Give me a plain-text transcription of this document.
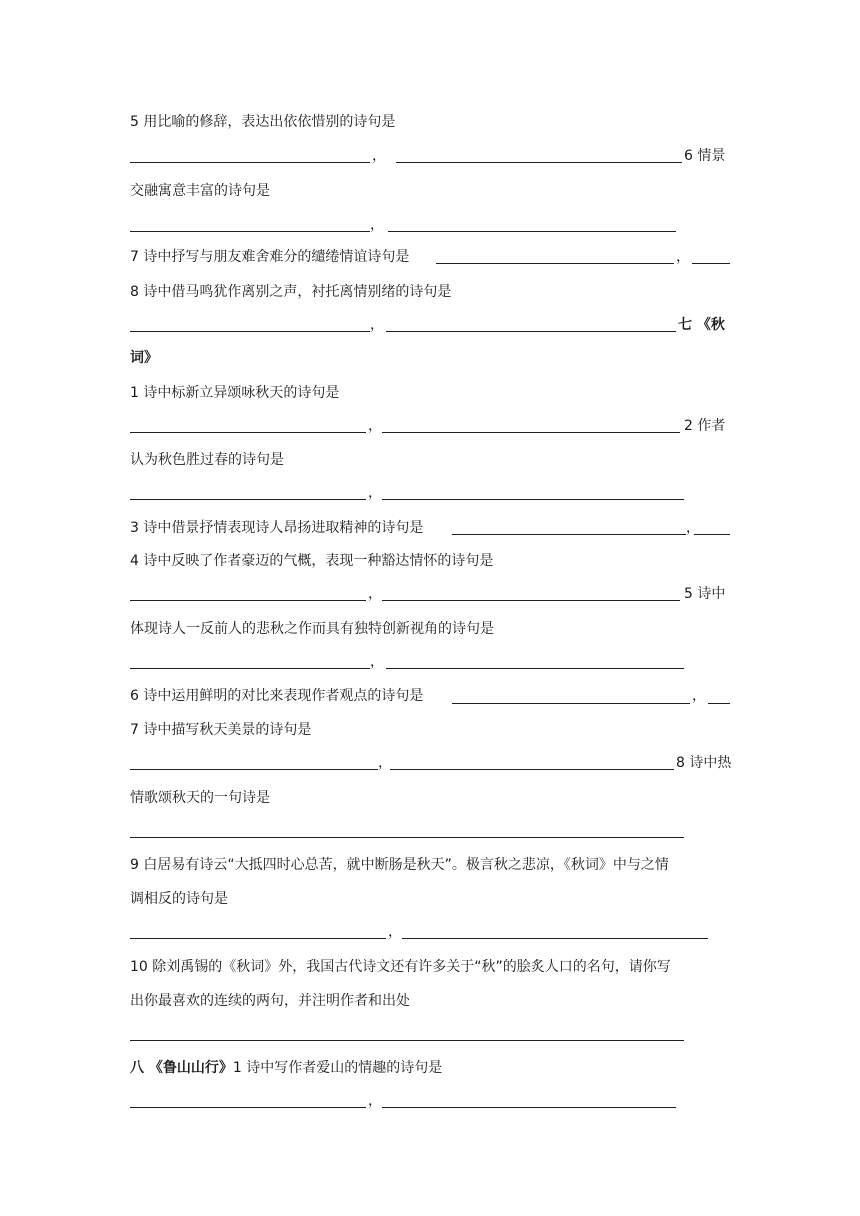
5 用比喻的修辞，表达出依依惜别的诗句是
，	6 情景
交融寓意丰富的诗句是
，
7 诗中抒写与朋友难舍难分的缱绻情谊诗句是	，
8 诗中借马鸣犹作离别之声，衬托离情别绪的诗句是
，	七 《秋
词》
1 诗中标新立异颂咏秋天的诗句是
，	2 作者
认为秋色胜过春的诗句是
，
3 诗中借景抒情表现诗人昂扬进取精神的诗句是	，
4 诗中反映了作者豪迈的气概，表现一种豁达情怀的诗句是
，	5 诗中
体现诗人一反前人的悲秋之作而具有独特创新视角的诗句是
，
6 诗中运用鲜明的对比来表现作者观点的诗句是	，
7 诗中描写秋天美景的诗句是
，	8 诗中热
情歌颂秋天的一句诗是
9 白居易有诗云“大抵四时心总苦，就中断肠是秋天”。极言秋之悲凉，《秋词》中与之情
调相反的诗句是
，
10 除刘禹锡的《秋词》外，我国古代诗文还有许多关于“秋”的脍炙人口的名句，请你写
出你最喜欢的连续的两句，并注明作者和出处
八 《鲁山山行》1 诗中写作者爱山的情趣的诗句是
，
